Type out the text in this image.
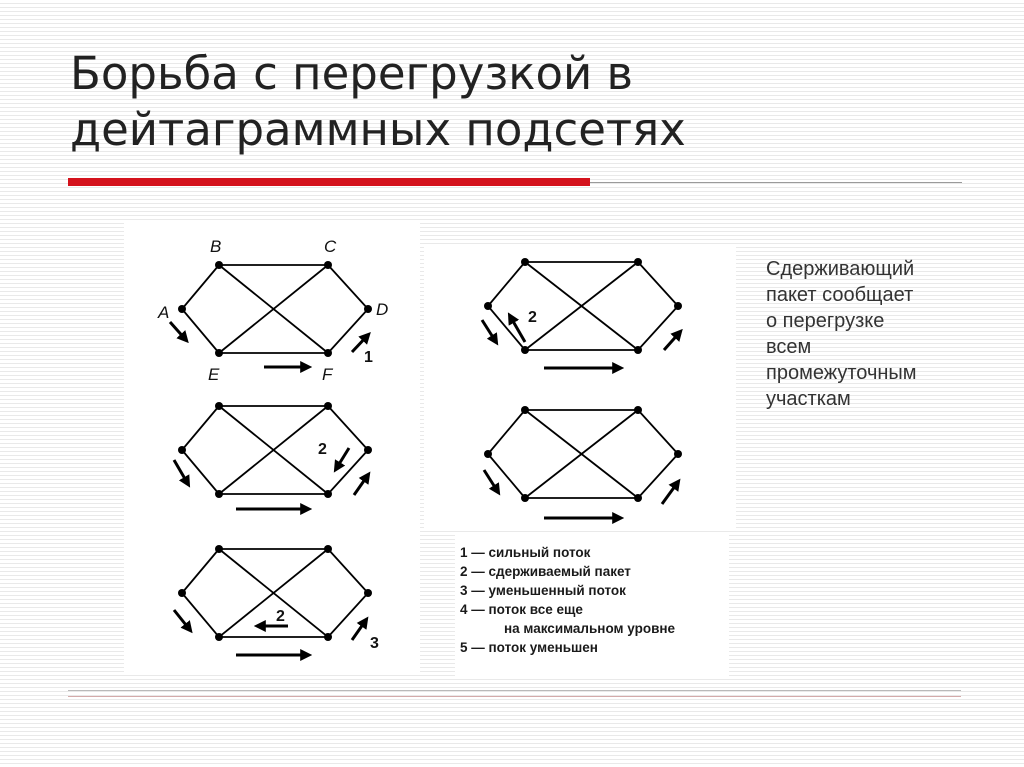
Борьба с перегрузкой в дейтаграммных подсетях
B	C
A	D
E	F
1
2
2
3
2
1 — сильный поток
2 — сдерживаемый пакет
3 — уменьшенный поток
4 — поток все еще
на максимальном уровне
5 — поток уменьшен
Сдерживающий
пакет сообщает
о перегрузке
всем
промежуточным
участкам
